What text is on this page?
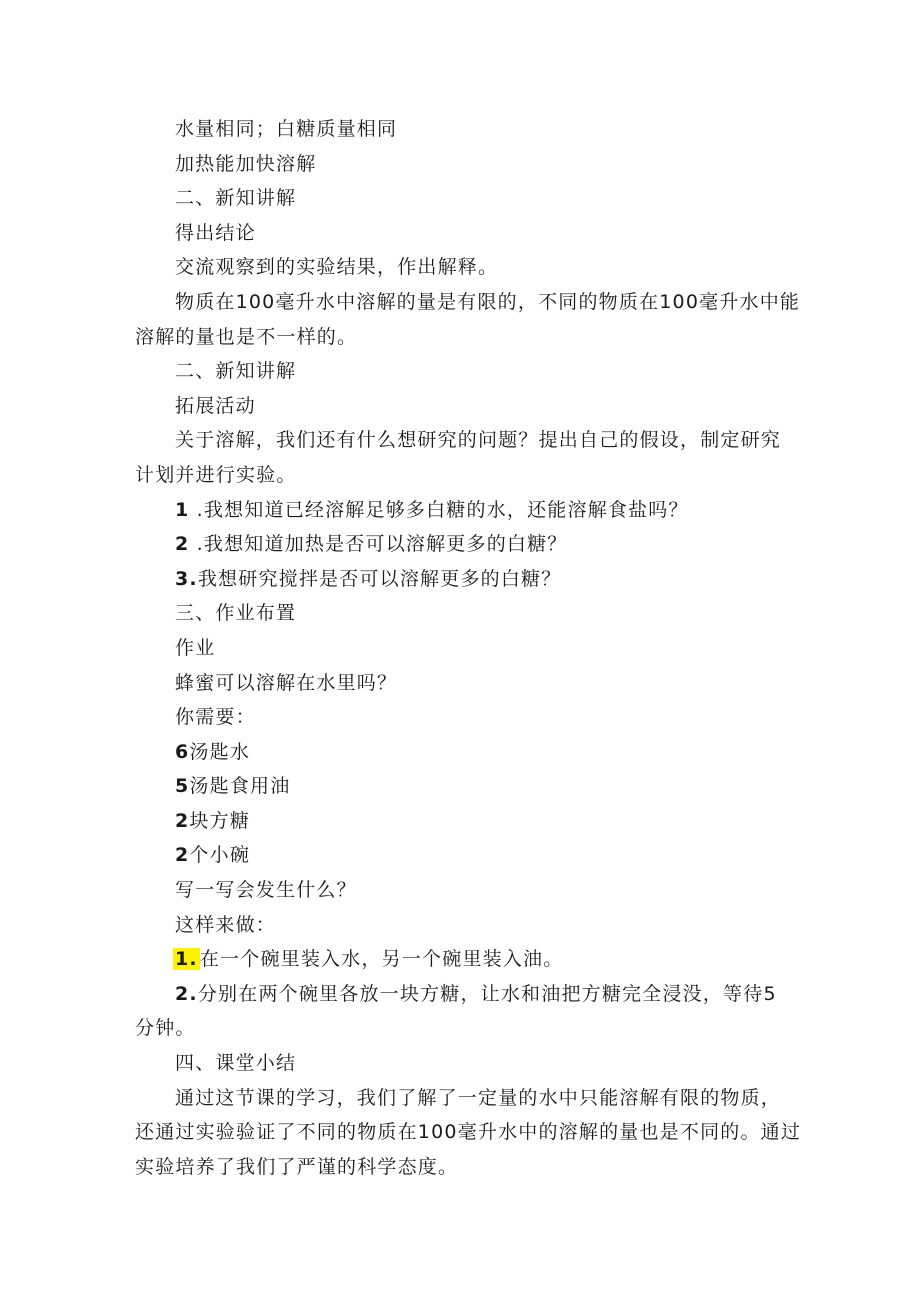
水量相同；白糖质量相同
加热能加快溶解
二、新知讲解
得出结论
交流观察到的实验结果，作出解释。
物质在100毫升水中溶解的量是有限的，不同的物质在100毫升水中能
溶解的量也是不一样的。
二、新知讲解
拓展活动
关于溶解，我们还有什么想研究的问题？提出自己的假设，制定研究
计划并进行实验。
1 .我想知道已经溶解足够多白糖的水，还能溶解食盐吗？
2 .我想知道加热是否可以溶解更多的白糖？
3.我想研究搅拌是否可以溶解更多的白糖？
三、作业布置
作业
蜂蜜可以溶解在水里吗？
你需要：
6汤匙水
5汤匙食用油
2块方糖
2个小碗
写一写会发生什么？
这样来做：
1. 在一个碗里装入水，另一个碗里装入油。
2.分别在两个碗里各放一块方糖，让水和油把方糖完全浸没，等待5
分钟。
四、课堂小结
通过这节课的学习，我们了解了一定量的水中只能溶解有限的物质，
还通过实验验证了不同的物质在100毫升水中的溶解的量也是不同的。通过
实验培养了我们了严谨的科学态度。
